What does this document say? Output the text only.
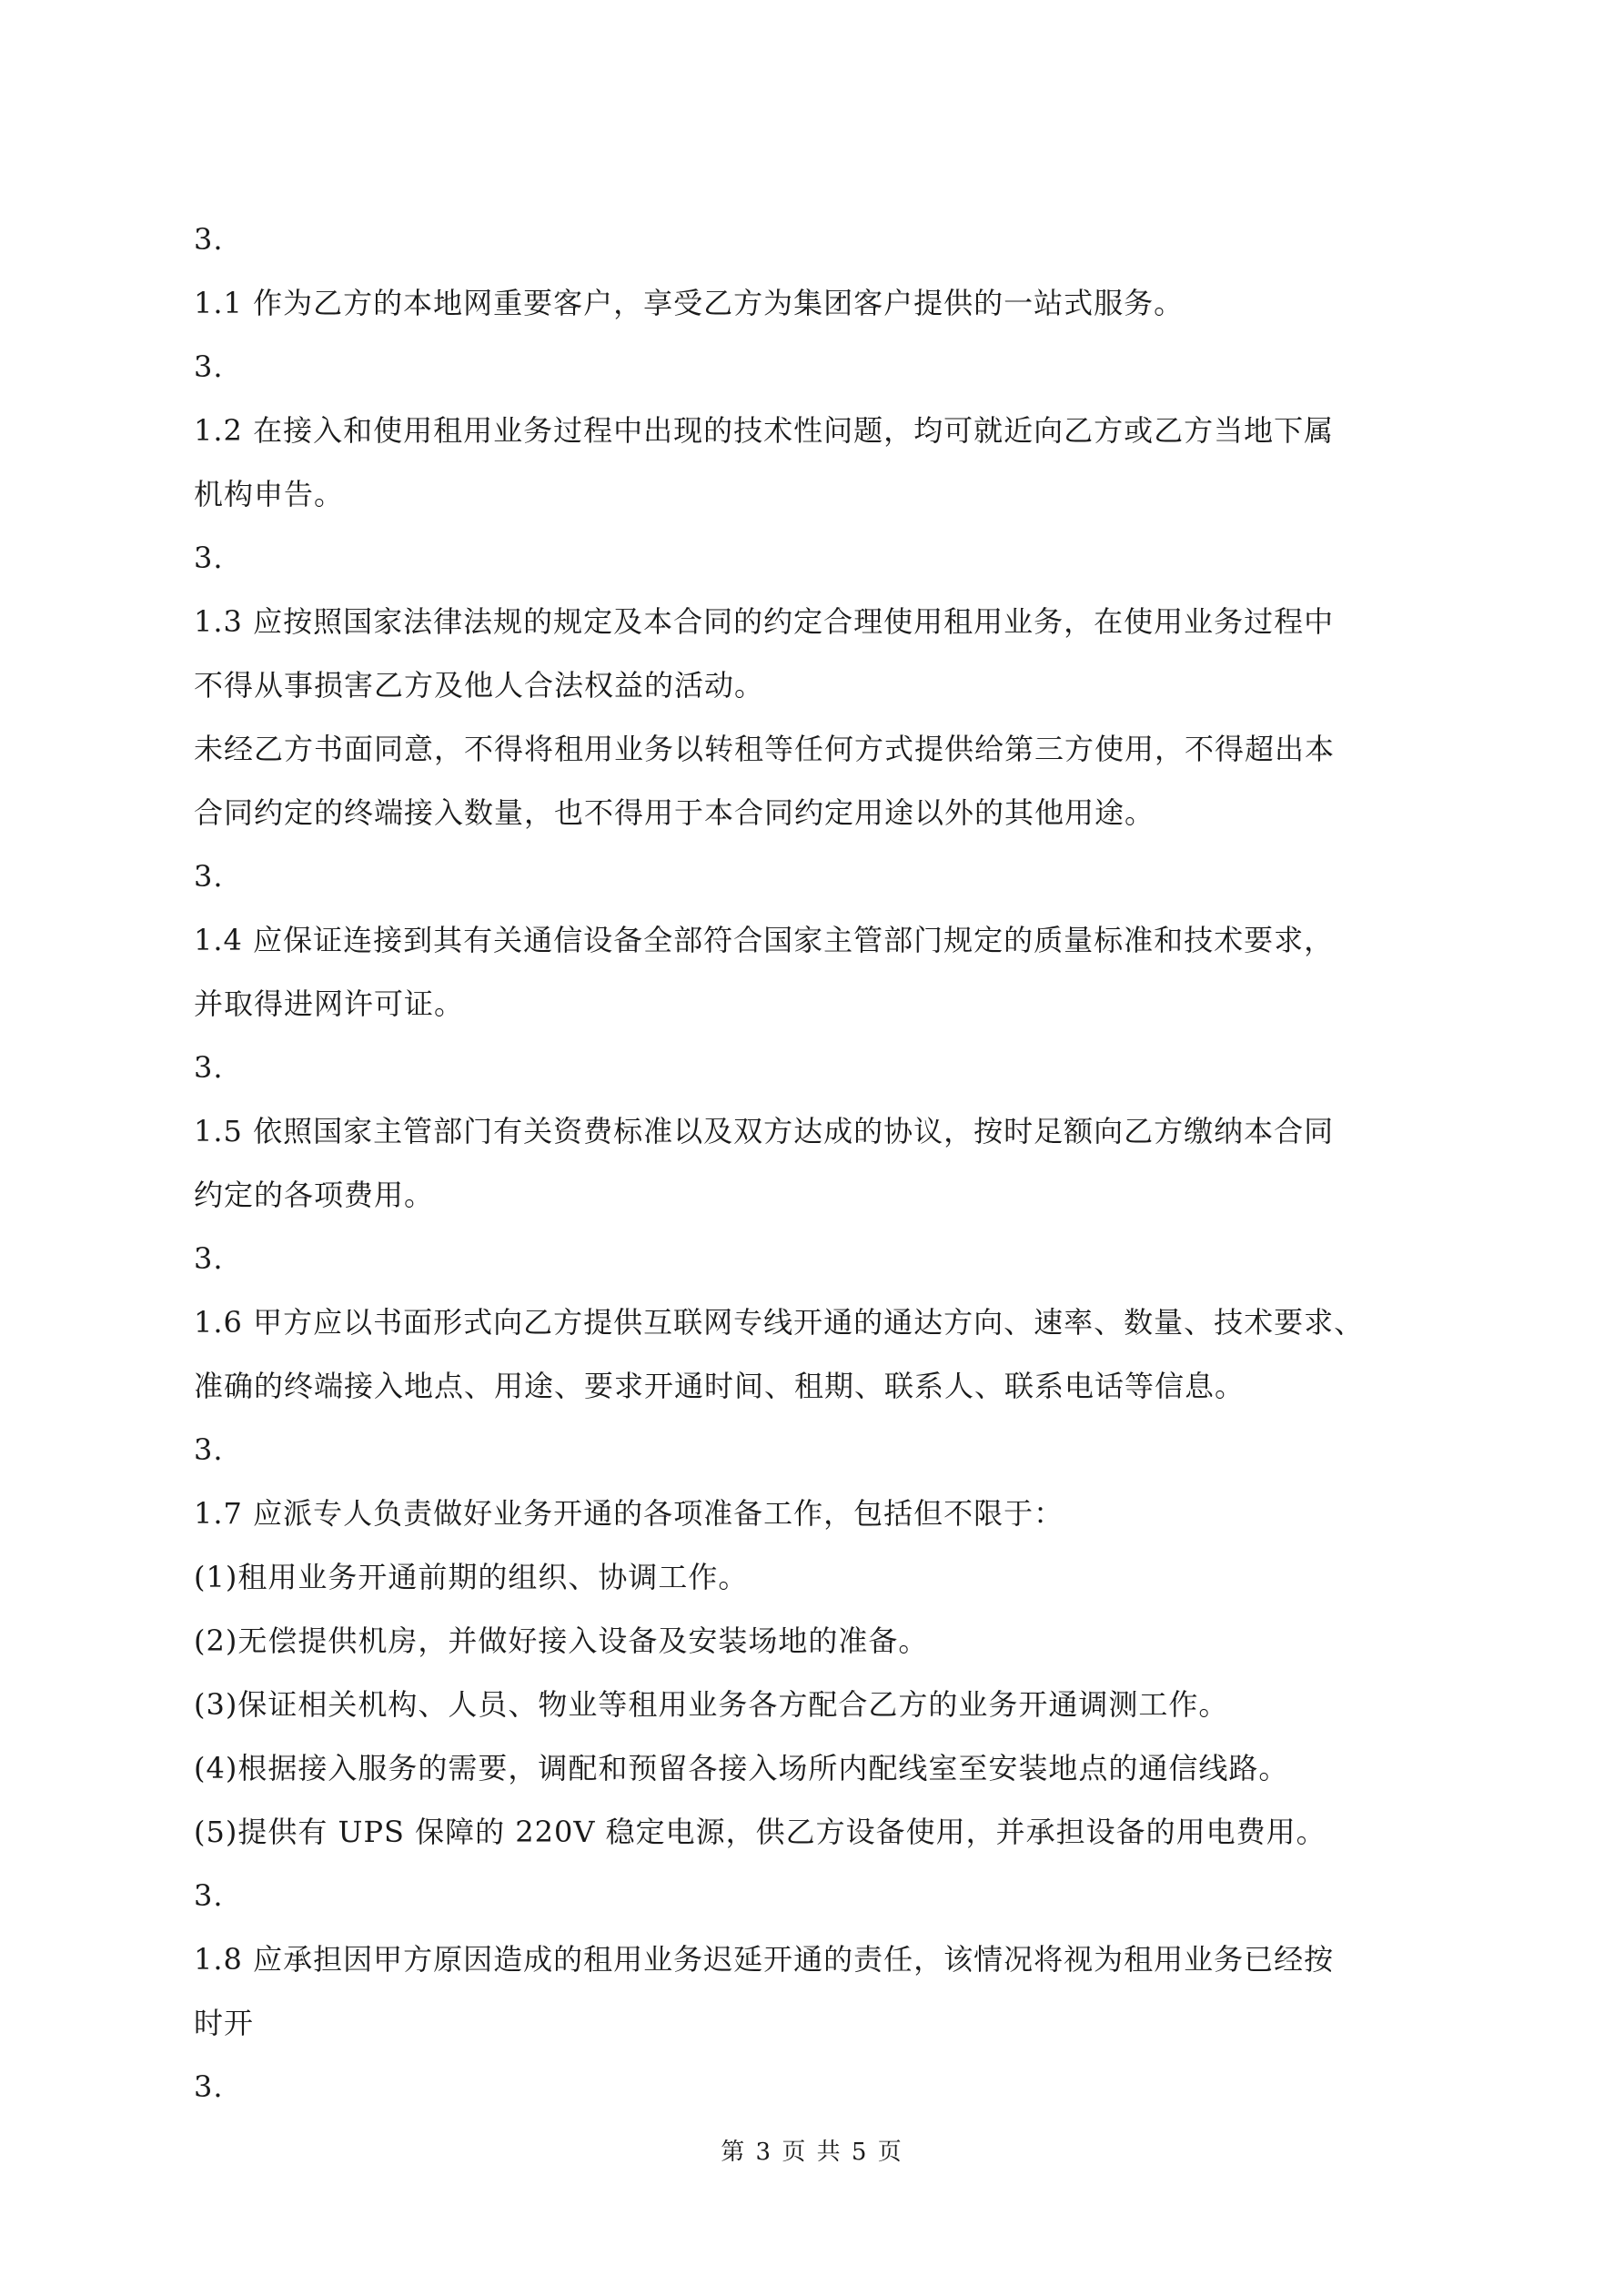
3.
1.1 作为乙方的本地网重要客户，享受乙方为集团客户提供的一站式服务。
3.
1.2 在接入和使用租用业务过程中出现的技术性问题，均可就近向乙方或乙方当地下属
机构申告。
3.
1.3 应按照国家法律法规的规定及本合同的约定合理使用租用业务，在使用业务过程中
不得从事损害乙方及他人合法权益的活动。
未经乙方书面同意，不得将租用业务以转租等任何方式提供给第三方使用，不得超出本
合同约定的终端接入数量，也不得用于本合同约定用途以外的其他用途。
3.
1.4 应保证连接到其有关通信设备全部符合国家主管部门规定的质量标准和技术要求，
并取得进网许可证。
3.
1.5 依照国家主管部门有关资费标准以及双方达成的协议，按时足额向乙方缴纳本合同
约定的各项费用。
3.
1.6 甲方应以书面形式向乙方提供互联网专线开通的通达方向、速率、数量、技术要求、
准确的终端接入地点、用途、要求开通时间、租期、联系人、联系电话等信息。
3.
1.7 应派专人负责做好业务开通的各项准备工作，包括但不限于：
(1)租用业务开通前期的组织、协调工作。
(2)无偿提供机房，并做好接入设备及安装场地的准备。
(3)保证相关机构、人员、物业等租用业务各方配合乙方的业务开通调测工作。
(4)根据接入服务的需要，调配和预留各接入场所内配线室至安装地点的通信线路。
(5)提供有 UPS 保障的 220V 稳定电源，供乙方设备使用，并承担设备的用电费用。
3.
1.8 应承担因甲方原因造成的租用业务迟延开通的责任，该情况将视为租用业务已经按
时开
3.
第 3 页 共 5 页
